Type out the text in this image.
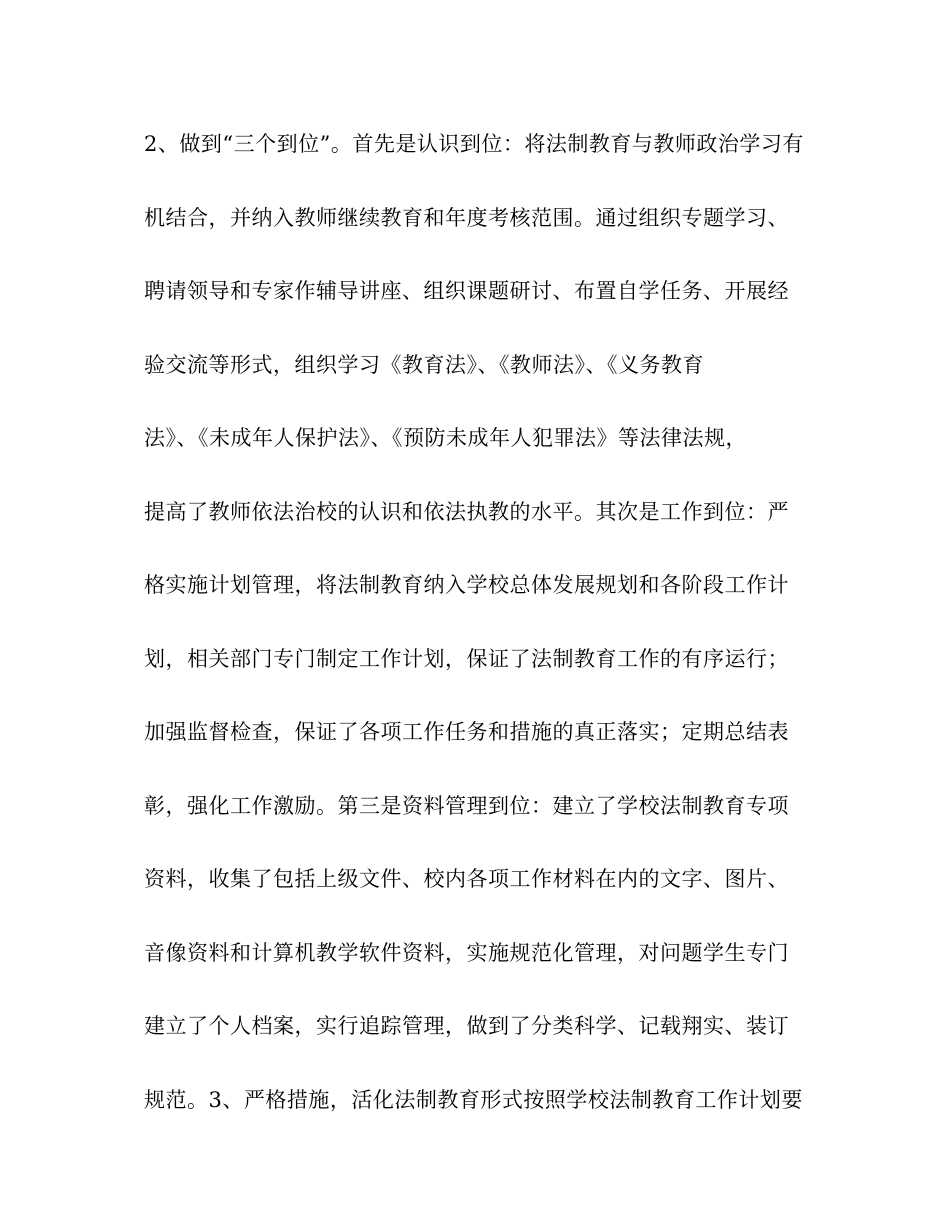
2、做到“三个到位”。首先是认识到位：将法制教育与教师政治学习有
机结合，并纳入教师继续教育和年度考核范围。通过组织专题学习、
聘请领导和专家作辅导讲座、组织课题研讨、布置自学任务、开展经
验交流等形式，组织学习《教育法》、《教师法》、《义务教育
法》、《未成年人保护法》、《预防未成年人犯罪法》等法律法规，
提高了教师依法治校的认识和依法执教的水平。其次是工作到位：严
格实施计划管理，将法制教育纳入学校总体发展规划和各阶段工作计
划，相关部门专门制定工作计划，保证了法制教育工作的有序运行；
加强监督检查，保证了各项工作任务和措施的真正落实；定期总结表
彰，强化工作激励。第三是资料管理到位：建立了学校法制教育专项
资料，收集了包括上级文件、校内各项工作材料在内的文字、图片、
音像资料和计算机教学软件资料，实施规范化管理，对问题学生专门
建立了个人档案，实行追踪管理，做到了分类科学、记载翔实、装订
规范。3、严格措施，活化法制教育形式按照学校法制教育工作计划要
